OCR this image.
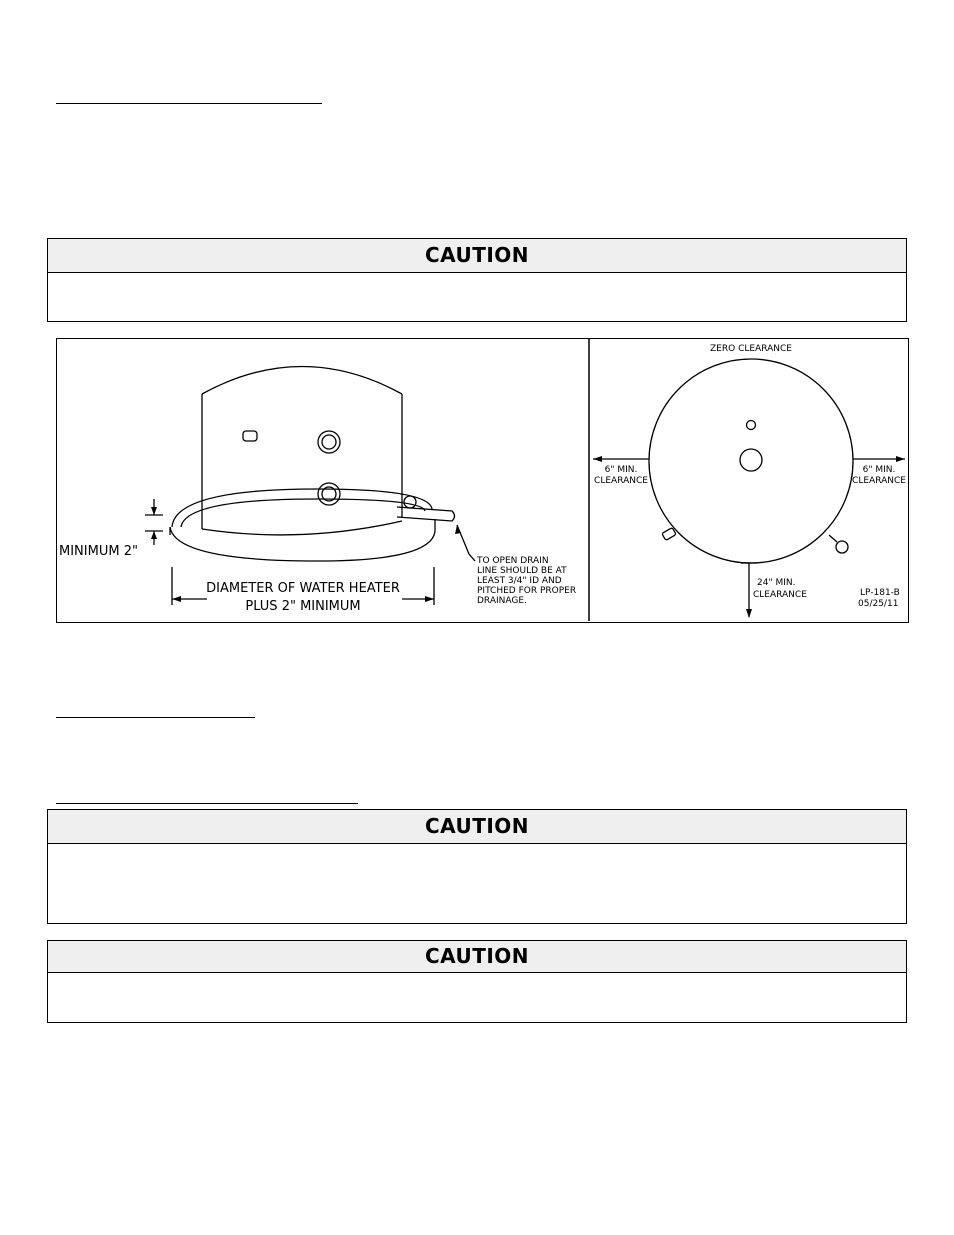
CAUTION
MINIMUM 2"
DIAMETER OF WATER HEATER
PLUS 2" MINIMUM
TO OPEN DRAIN
LINE SHOULD BE AT
LEAST 3/4" ID AND
PITCHED FOR PROPER
DRAINAGE.
ZERO CLEARANCE
6" MIN.
CLEARANCE
6" MIN.
CLEARANCE
24" MIN.
CLEARANCE	LP-181-B
05/25/11
CAUTION
CAUTION
